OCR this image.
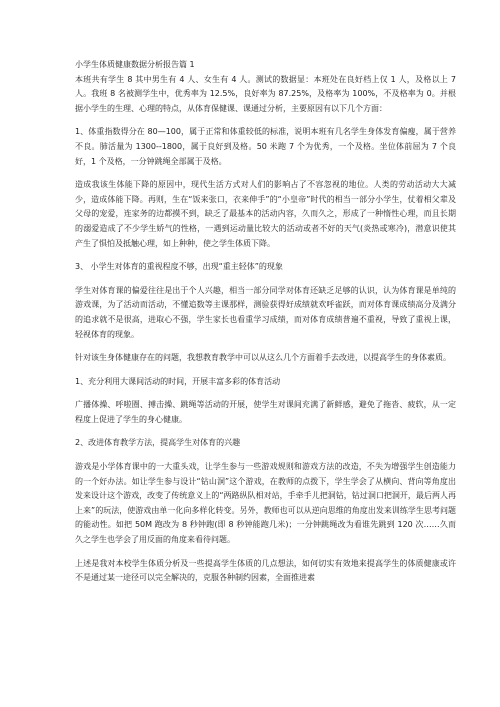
小学生体质健康数据分析报告篇 1

本班共有学生 8 其中男生有 4 人、女生有 4 人。测试的数据显：本班处在良好档上仅 1 人，及格以上 7 人。我班 8 名被测学生中，优秀率为 12.5%，良好率为 87.25%，及格率为 100%，不及格率为 0。并根据小学生的生理、心理的特点，从体育保健课、课通过分析，主要原因有以下几个方面：

1、体重指数得分在 80—100，属于正常和体重较低的标准，说明本班有几名学生身体发育偏瘦，属于营养不良。肺活量为 1300--1800，属于良好到及格。50 米跑 7 个为优秀，一个及格。坐位体前屈为 7 个良好，1 个及格，一分钟跳绳全部属于及格。

造成我该生体能下降的原因中，现代生活方式对人们的影响占了不容忽视的地位。人类的劳动活动大大减少，造成体能下降。再则，生在“饭来张口，衣来伸手”的“小皇帝”时代的相当一部分小学生，仗着相父辈及父母的宠爱，连家务的边都摸不到，缺乏了最基本的活动内容，久而久之，形成了一种惰性心理，而且长期的溺爱造成了不少学生娇气的性格，一遇到运动量比较大的活动或者不好的天气(炎热或寒冷)，潜意识使其产生了惧怕及抵触心理，如上种种，使之学生体质下降。

3、 小学生对体育的重视程度不够，出现“重主轻体”的现象

学生对体育课的偏爱往往是出于个人兴趣，相当一部分同学对体育还缺乏足够的认识，认为体育课是单纯的游戏课，为了活动而活动，不懂追数等主课那样，测验获得好成绩就欢呼雀跃，而对体育课成绩高分及满分的追求就不是很高，进取心不强，学生家长也看重学习成绩，而对体育成绩普遍不重视，导致了重视上课，轻视体育的现象。

针对该生身体健康存在的问题，我想教育教学中可以从这么几个方面着手去改进，以提高学生的身体素质。

1、充分利用大课间活动的时间，开展丰富多彩的体育活动

广播体操、呼啦圈、搏击操、跳绳等活动的开展，使学生对课间充满了新鲜感，避免了拖沓、疲软，从一定程度上促进了学生的身心健康。

2、改进体育教学方法，提高学生对体育的兴趣

游戏是小学体育课中的一大重头戏，让学生参与一些游戏规则和游戏方法的改造，不失为增强学生创造能力的一个好办法。如让学生参与设计“钻山洞”这个游戏，在教师的点拨下，学生学会了从横向、背向等角度出发来设计这个游戏，改变了传统意义上的“两路纵队相对站，手牵手儿把洞钻，钻过洞口把洞开，最后两人再上来”的玩法，使游戏由单一化向多样化转变。另外，教师也可以从逆向思维的角度出发来训练学生思考问题的能动性。如把 50M 跑改为 8 秒钟跑(即 8 秒钟能跑几米)；一分钟跳绳改为看谁先跳到 120 次……久而久之学生也学会了用反面的角度来看待问题。

上述是我对本校学生体质分析及一些提高学生体质的几点想法，如何切实有效地来提高学生的体质健康或许不是通过某一途径可以完全解决的，克服各种制约因素，全面推进素
